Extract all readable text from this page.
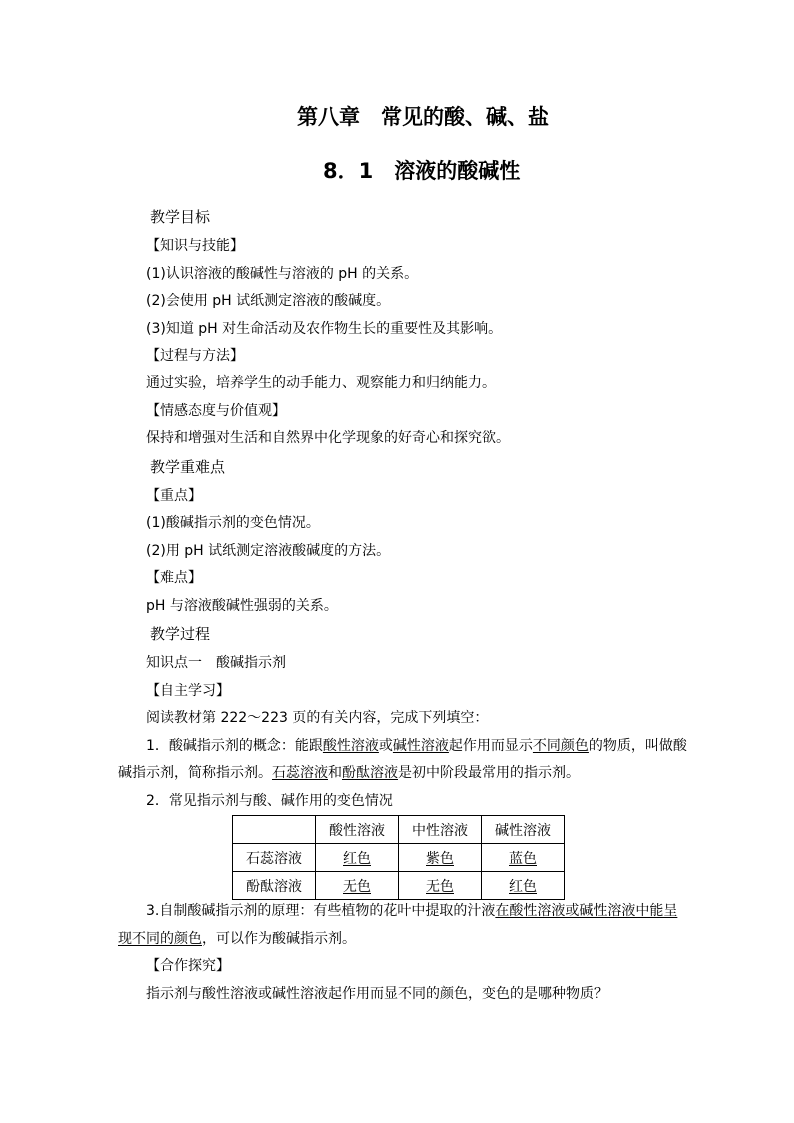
第八章　常见的酸、碱、盐
8．1　溶液的酸碱性
教学目标
【知识与技能】
(1)认识溶液的酸碱性与溶液的 pH 的关系。
(2)会使用 pH 试纸测定溶液的酸碱度。
(3)知道 pH 对生命活动及农作物生长的重要性及其影响。
【过程与方法】
通过实验，培养学生的动手能力、观察能力和归纳能力。
【情感态度与价值观】
保持和增强对生活和自然界中化学现象的好奇心和探究欲。
教学重难点
【重点】
(1)酸碱指示剂的变色情况。
(2)用 pH 试纸测定溶液酸碱度的方法。
【难点】
pH 与溶液酸碱性强弱的关系。
教学过程
知识点一　酸碱指示剂
【自主学习】
阅读教材第 222～223 页的有关内容，完成下列填空：
1．酸碱指示剂的概念：能跟酸性溶液或碱性溶液起作用而显示不同颜色的物质，叫做酸
碱指示剂，简称指示剂。石蕊溶液和酚酞溶液是初中阶段最常用的指示剂。
2．常见指示剂与酸、碱作用的变色情况
	酸性溶液	中性溶液	碱性溶液
石蕊溶液	红色	紫色	蓝色
酚酞溶液	无色	无色	红色
3.自制酸碱指示剂的原理：有些植物的花叶中提取的汁液在酸性溶液或碱性溶液中能呈
现不同的颜色，可以作为酸碱指示剂。
【合作探究】
指示剂与酸性溶液或碱性溶液起作用而显不同的颜色，变色的是哪种物质？
